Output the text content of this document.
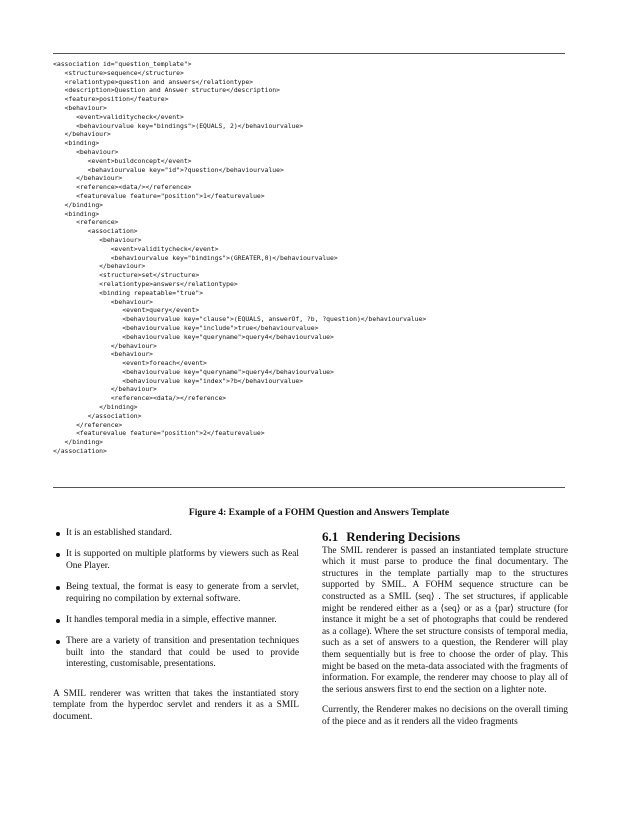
<association id="question_template">
<structure>sequence</structure>
<relationtype>question and answers</relationtype>
<description>Question and Answer structure</description>
<feature>position</feature>
<behaviour>
<event>validitycheck</event>
<behaviourvalue key="bindings">(EQUALS, 2)</behaviourvalue>
</behaviour>
<binding>
<behaviour>
<event>buildconcept</event>
<behaviourvalue key="id">?question</behaviourvalue>
</behaviour>
<reference><data/></reference>
<featurevalue feature="position">1</featurevalue>
</binding>
<binding>
<reference>
<association>
<behaviour>
<event>validitycheck</event>
<behaviourvalue key="bindings">(GREATER,0)</behaviourvalue>
</behaviour>
<structure>set</structure>
<relationtype>answers</relationtype>
<binding repeatable="true">
<behaviour>
<event>query</event>
<behaviourvalue key="clause">(EQUALS, answerOf, ?b, ?question)</behaviourvalue>
<behaviourvalue key="include">true</behaviourvalue>
<behaviourvalue key="queryname">query4</behaviourvalue>
</behaviour>
<behaviour>
<event>foreach</event>
<behaviourvalue key="queryname">query4</behaviourvalue>
<behaviourvalue key="index">?b</behaviourvalue>
</behaviour>
<reference><data/></reference>
</binding>
</association>
</reference>
<featurevalue feature="position">2</featurevalue>
</binding>
</association>
Figure 4: Example of a FOHM Question and Answers Template
It is an established standard.
It is supported on multiple platforms by viewers such as Real One Player.
Being textual, the format is easy to generate from a servlet, requiring no compilation by external software.
It handles temporal media in a simple, effective manner.
There are a variety of transition and presentation techniques built into the standard that could be used to provide interesting, customisable, presentations.

A SMIL renderer was written that takes the instantiated story template from the hyperdoc servlet and renders it as a SMIL document.

6.1 Rendering Decisions

The SMIL renderer is passed an instantiated template structure which it must parse to produce the final documentary. The structures in the template partially map to the structures supported by SMIL. A FOHM sequence structure can be constructed as a SMIL ⟨seq⟩ . The set structures, if applicable might be rendered either as a ⟨seq⟩ or as a ⟨par⟩ structure (for instance it might be a set of photographs that could be rendered as a collage). Where the set structure consists of temporal media, such as a set of answers to a question, the Renderer will play them sequentially but is free to choose the order of play. This might be based on the meta-data associated with the fragments of information. For example, the renderer may choose to play all of the serious answers first to end the section on a lighter note.

Currently, the Renderer makes no decisions on the overall timing of the piece and as it renders all the video fragments
